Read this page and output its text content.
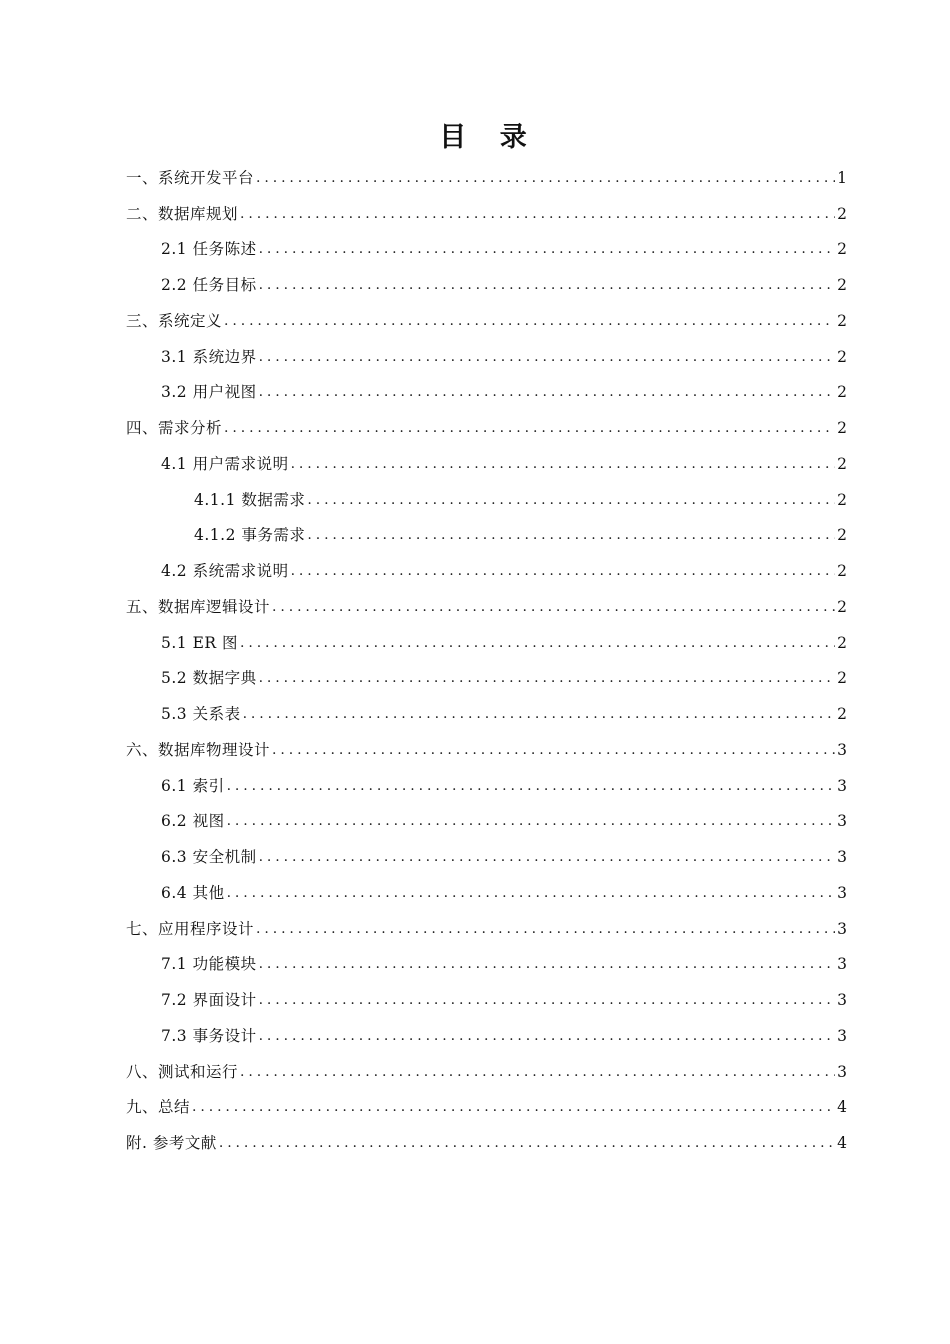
目 录
一、系统开发平台 .....	1
二、数据库规划 .....	2
2.1 任务陈述 .....	2
2.2 任务目标 .....	2
三、系统定义 .....	2
3.1 系统边界 .....	2
3.2 用户视图 .....	2
四、需求分析 .....	2
4.1 用户需求说明 .....	2
4.1.1 数据需求 .....	2
4.1.2 事务需求 .....	2
4.2 系统需求说明 .....	2
五、数据库逻辑设计 .....	2
5.1 ER 图 .....	2
5.2 数据字典 .....	2
5.3 关系表 .....	2
六、数据库物理设计 .....	3
6.1 索引 .....	3
6.2 视图 .....	3
6.3 安全机制 .....	3
6.4 其他 .....	3
七、应用程序设计 .....	3
7.1 功能模块 .....	3
7.2 界面设计 .....	3
7.3 事务设计 .....	3
八、测试和运行 .....	3
九、总结 .....	4
附. 参考文献 .....	4
